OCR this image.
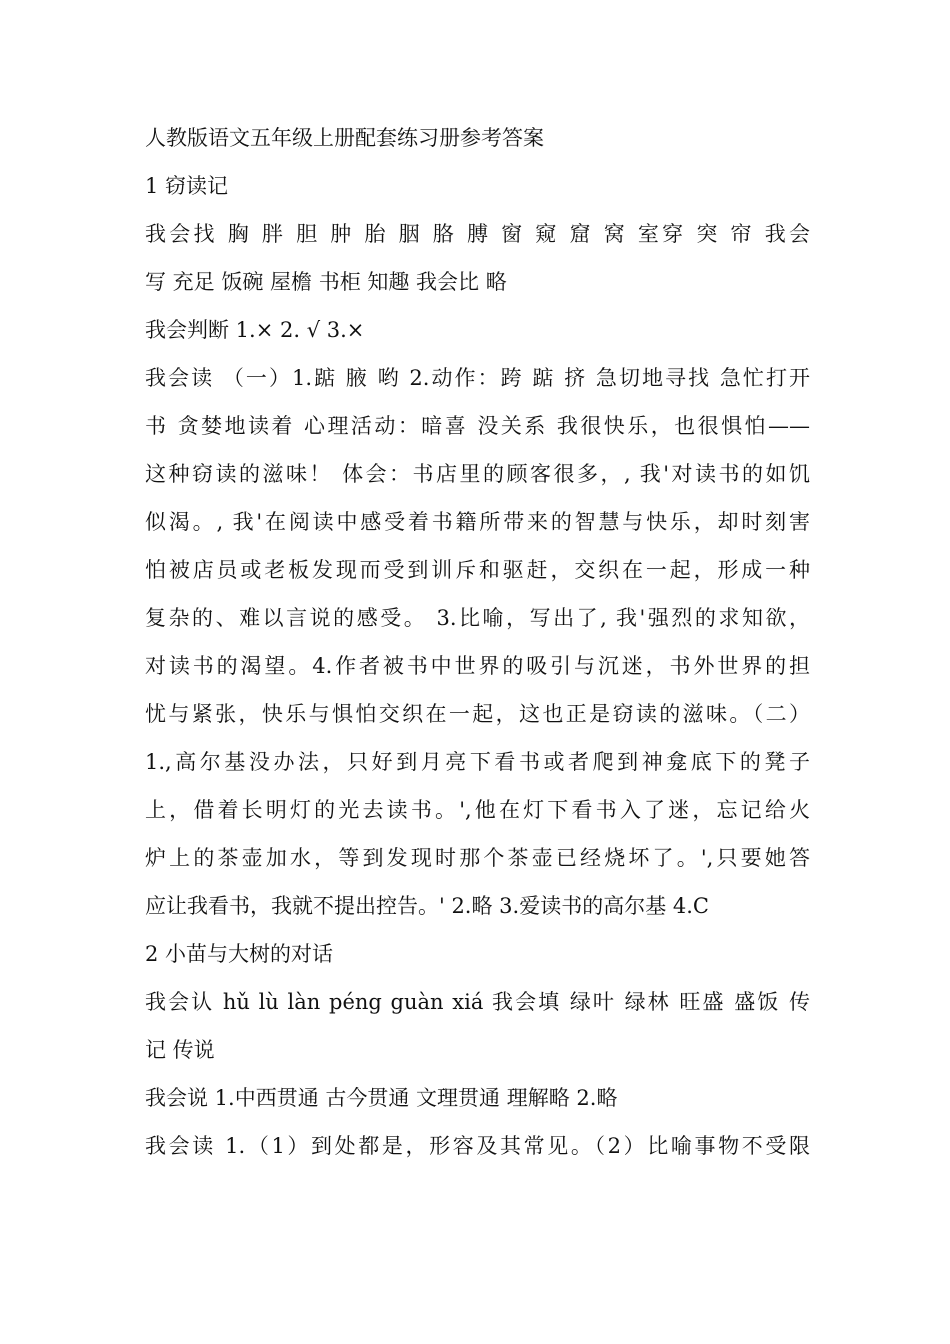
人教版语文五年级上册配套练习册参考答案
1 窃读记
我会找 胸 胖 胆 肿 胎 胭 胳 膊 窗 窥 窟 窝 室穿 突 帘 我会
写 充足 饭碗 屋檐 书柜 知趣 我会比 略
我会判断 1.× 2. √ 3.×
我会读 （一）1.踮 腋 哟 2.动作：跨 踮 挤 急切地寻找 急忙打开
书 贪婪地读着 心理活动：暗喜 没关系 我很快乐，也很惧怕——
这种窃读的滋味！ 体会：书店里的顾客很多，, 我'对读书的如饥
似渴。, 我'在阅读中感受着书籍所带来的智慧与快乐，却时刻害
怕被店员或老板发现而受到训斥和驱赶，交织在一起，形成一种
复杂的、难以言说的感受。 3.比喻，写出了, 我'强烈的求知欲，
对读书的渴望。4.作者被书中世界的吸引与沉迷，书外世界的担
忧与紧张，快乐与惧怕交织在一起，这也正是窃读的滋味。（二）
1.,高尔基没办法，只好到月亮下看书或者爬到神龛底下的凳子
上，借着长明灯的光去读书。',他在灯下看书入了迷，忘记给火
炉上的茶壶加水，等到发现时那个茶壶已经烧坏了。',只要她答
应让我看书，我就不提出控告。' 2.略 3.爱读书的高尔基 4.C
2 小苗与大树的对话
我会认 hǔ lù làn péng guàn xiá 我会填 绿叶 绿林 旺盛 盛饭 传
记 传说
我会说 1.中西贯通 古今贯通 文理贯通 理解略 2.略
我会读 1.（1）到处都是，形容及其常见。（2）比喻事物不受限
